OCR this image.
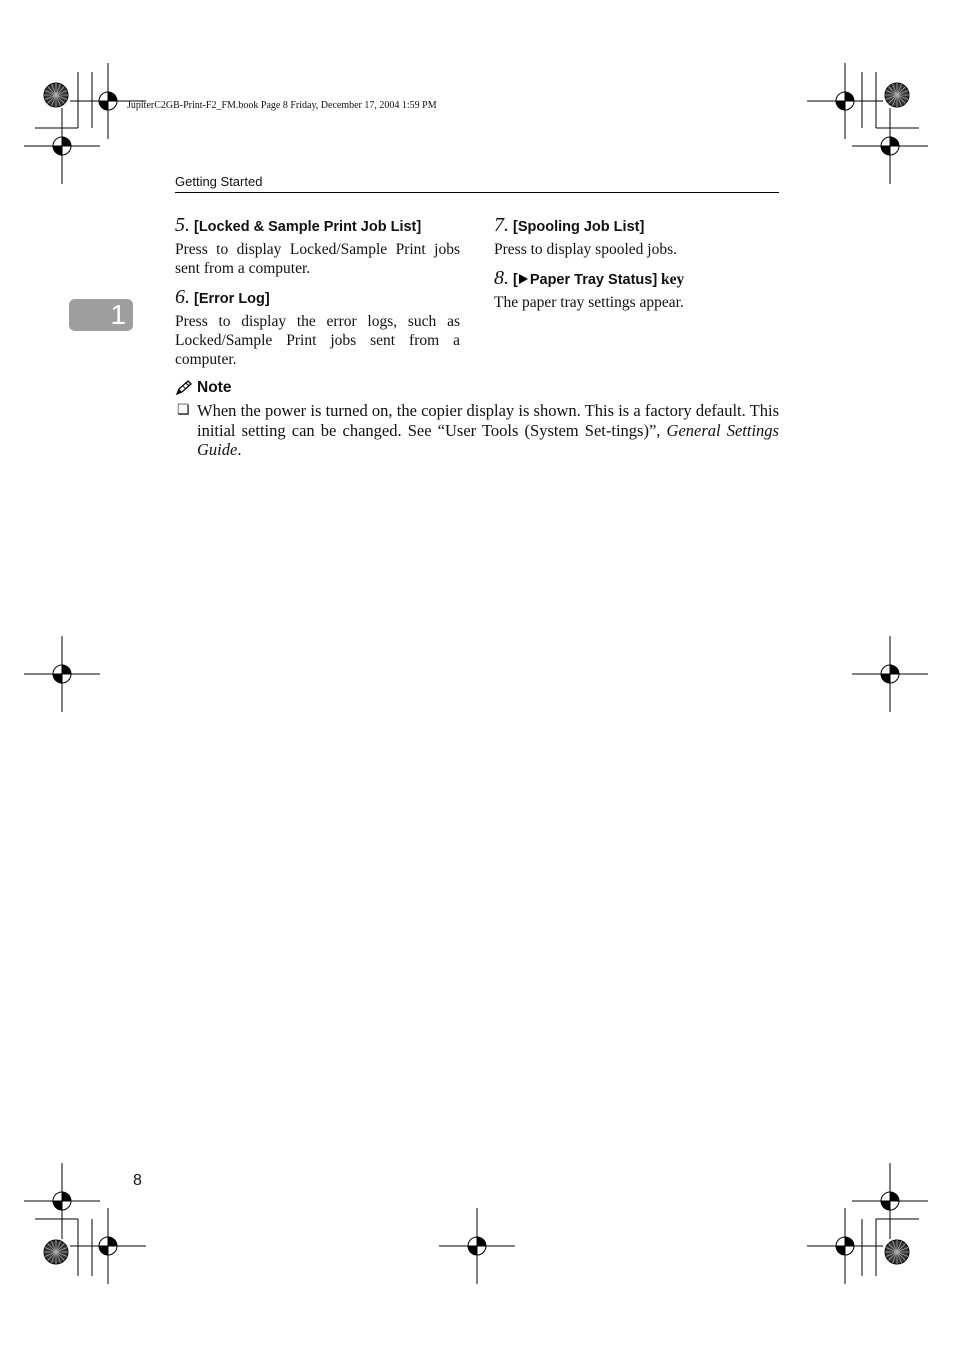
JupiterC2GB-Print-F2_FM.book Page 8 Friday, December 17, 2004 1:59 PM
Getting Started
1

5. [Locked & Sample Print Job List]

Press to display Locked/Sample Print jobs sent from a computer.

6. [Error Log]

Press to display the error logs, such as Locked/Sample Print jobs sent from a computer.

7. [Spooling Job List]

Press to display spooled jobs.

8. [ Paper Tray Status] key

The paper tray settings appear.

Note
❏ When the power is turned on, the copier display is shown. This is a factory default. This initial setting can be changed. See “User Tools (System Set-tings)”, General Settings Guide.
8
